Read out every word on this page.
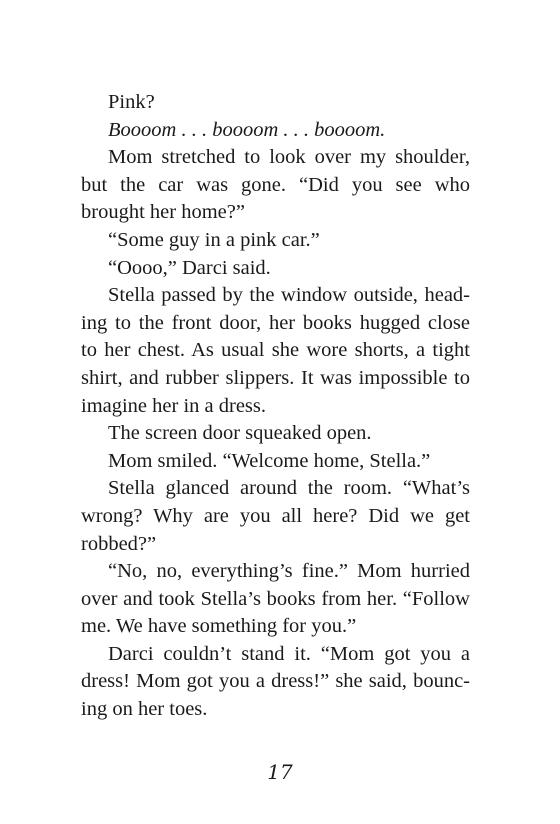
Pink?
Boooom . . . boooom . . . boooom.
Mom stretched to look over my shoulder,
but the car was gone. “Did you see who
brought her home?”
“Some guy in a pink car.”
“Oooo,” Darci said.
Stella passed by the window outside, head-
ing to the front door, her books hugged close
to her chest. As usual she wore shorts, a tight
shirt, and rubber slippers. It was impossible to
imagine her in a dress.
The screen door squeaked open.
Mom smiled. “Welcome home, Stella.”
Stella glanced around the room. “What’s
wrong? Why are you all here? Did we get
robbed?”
“No, no, everything’s fine.” Mom hurried
over and took Stella’s books from her. “Follow
me. We have something for you.”
Darci couldn’t stand it. “Mom got you a
dress! Mom got you a dress!” she said, bounc-
ing on her toes.
17
